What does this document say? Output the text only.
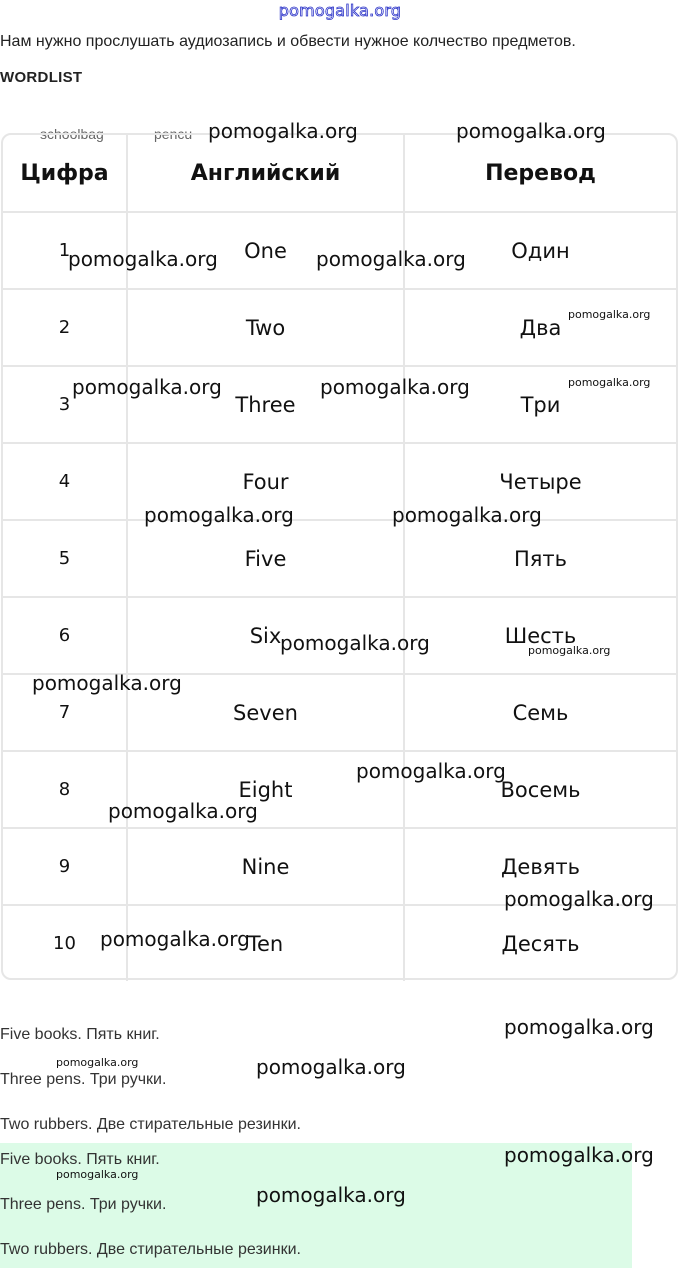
pomogalka.org
Нам нужно прослушать аудиозапись и обвести нужное колчество предметов.
WORDLIST
schoolbag	pencu
Цифра	Английский	Перевод
1	One	Один
2	Two	Два
3	Three	Три
4	Four	Четыре
5	Five	Пять
6	Six	Шесть
7	Seven	Семь
8	Eight	Восемь
9	Nine	Девять
10	Ten	Десять
Five books. Пять книг.
Three pens. Три ручки.
Two rubbers. Две стирательные резинки.
Five books. Пять книг.
Three pens. Три ручки.
Two rubbers. Две стирательные резинки.
pomogalka.org	pomogalka.org
pomogalka.org	pomogalka.org
pomogalka.org
pomogalka.org	pomogalka.org	pomogalka.org
pomogalka.org	pomogalka.org
pomogalka.org	pomogalka.org
pomogalka.org
pomogalka.org
pomogalka.org
pomogalka.org
pomogalka.org
pomogalka.org
pomogalka.org	pomogalka.org
pomogalka.org
pomogalka.org
pomogalka.org
